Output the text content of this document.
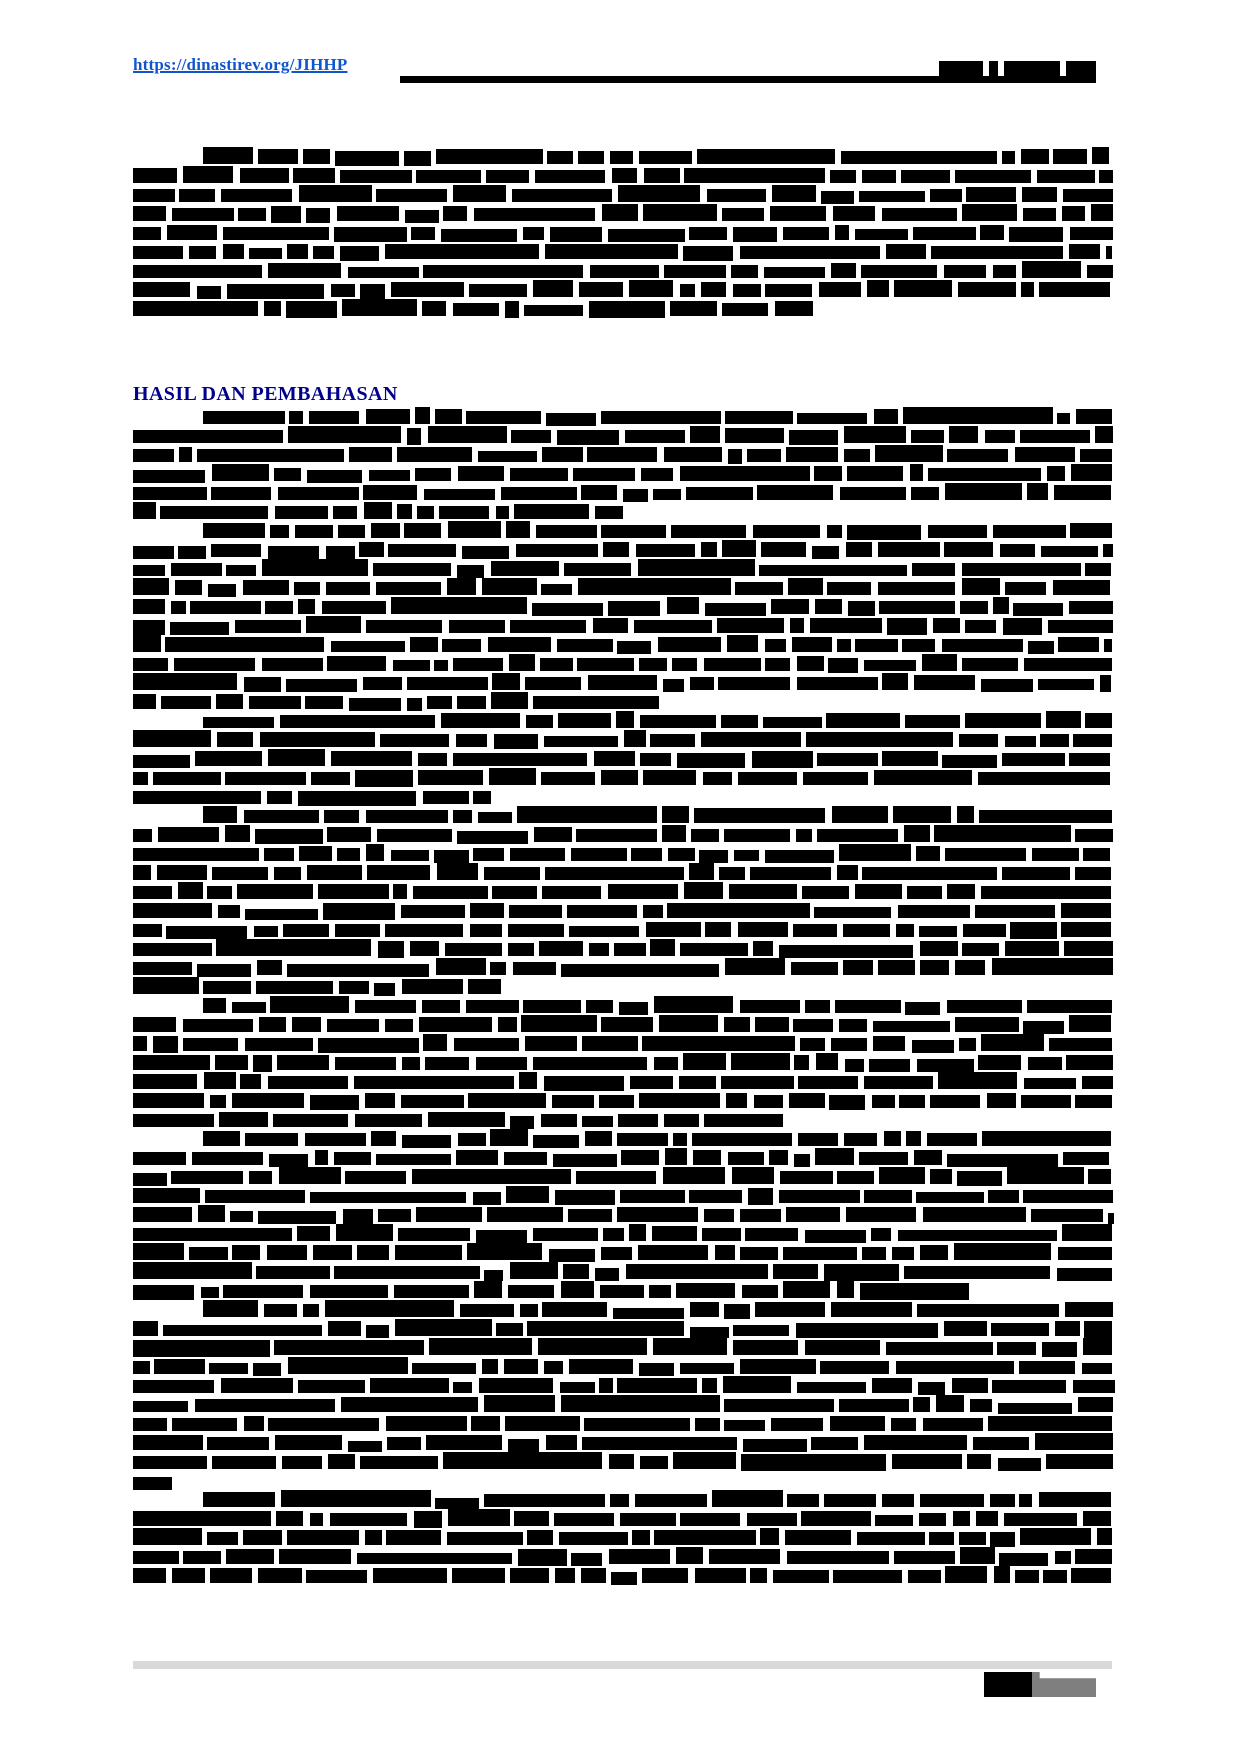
https://dinastirev.org/JIHHP
HASIL DAN PEMBAHASAN
